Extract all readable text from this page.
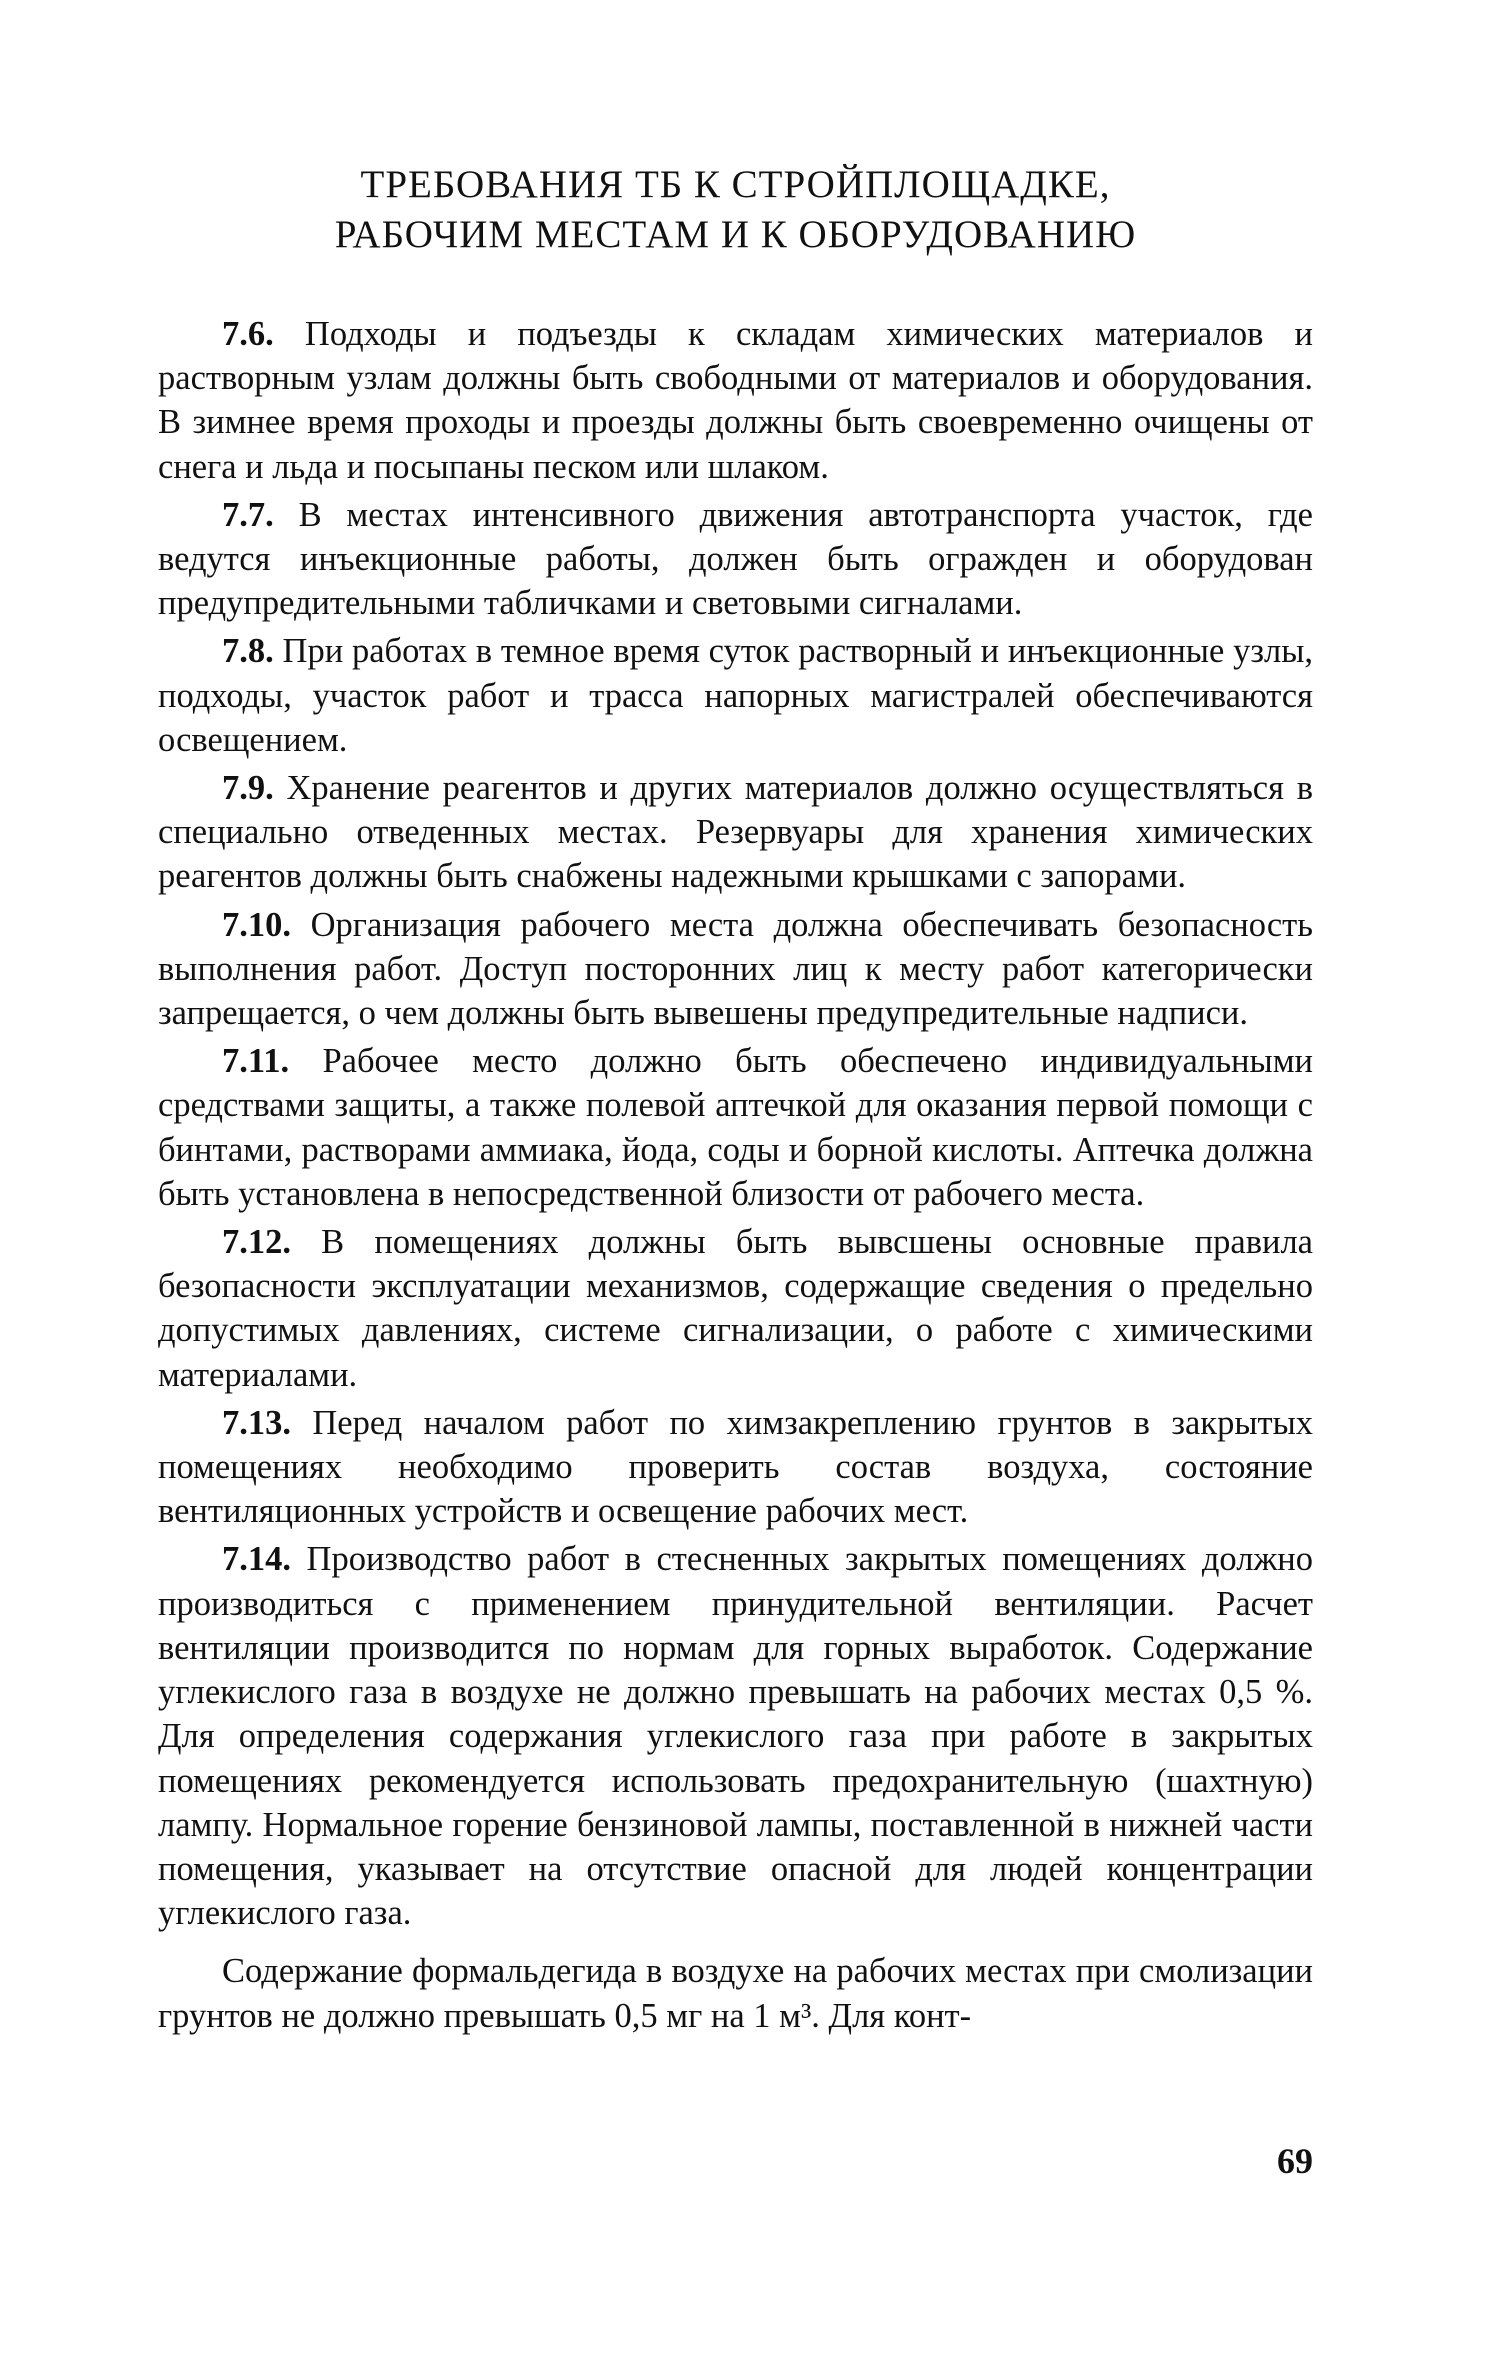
ТРЕБОВАНИЯ ТБ К СТРОЙПЛОЩАДКЕ,
РАБОЧИМ МЕСТАМ И К ОБОРУДОВАНИЮ

7.6. Подходы и подъезды к складам химических материалов и растворным узлам должны быть свободными от материалов и оборудования. В зимнее время проходы и проезды должны быть своевременно очищены от снега и льда и посыпаны песком или шлаком.

7.7. В местах интенсивного движения автотранспорта участок, где ведутся инъекционные работы, должен быть огражден и оборудован предупредительными табличками и световыми сигналами.

7.8. При работах в темное время суток растворный и инъекционные узлы, подходы, участок работ и трасса напорных магистралей обеспечиваются освещением.

7.9. Хранение реагентов и других материалов должно осуществляться в специально отведенных местах. Резервуары для хранения химических реагентов должны быть снабжены надежными крышками с запорами.

7.10. Организация рабочего места должна обеспечивать безопасность выполнения работ. Доступ посторонних лиц к месту работ категорически запрещается, о чем должны быть вывешены предупредительные надписи.

7.11. Рабочее место должно быть обеспечено индивидуальными средствами защиты, а также полевой аптечкой для оказания первой помощи с бинтами, растворами аммиака, йода, соды и борной кислоты. Аптечка должна быть установлена в непосредственной близости от рабочего места.

7.12. В помещениях должны быть вывсшены основные правила безопасности эксплуатации механизмов, содержащие сведения о предельно допустимых давлениях, системе сигнализации, о работе с химическими материалами.

7.13. Перед началом работ по химзакреплению грунтов в закрытых помещениях необходимо проверить состав воздуха, состояние вентиляционных устройств и освещение рабочих мест.

7.14. Производство работ в стесненных закрытых помещениях должно производиться с применением принудительной вентиляции. Расчет вентиляции производится по нормам для горных выработок. Содержание углекислого газа в воздухе не должно превышать на рабочих местах 0,5 %. Для определения содержания углекислого газа при работе в закрытых помещениях рекомендуется использовать предохранительную (шахтную) лампу. Нормальное горение бензиновой лампы, поставленной в нижней части помещения, указывает на отсутствие опасной для людей концентрации углекислого газа.

Содержание формальдегида в воздухе на рабочих местах при смолизации грунтов не должно превышать 0,5 мг на 1 м³. Для конт-

69
